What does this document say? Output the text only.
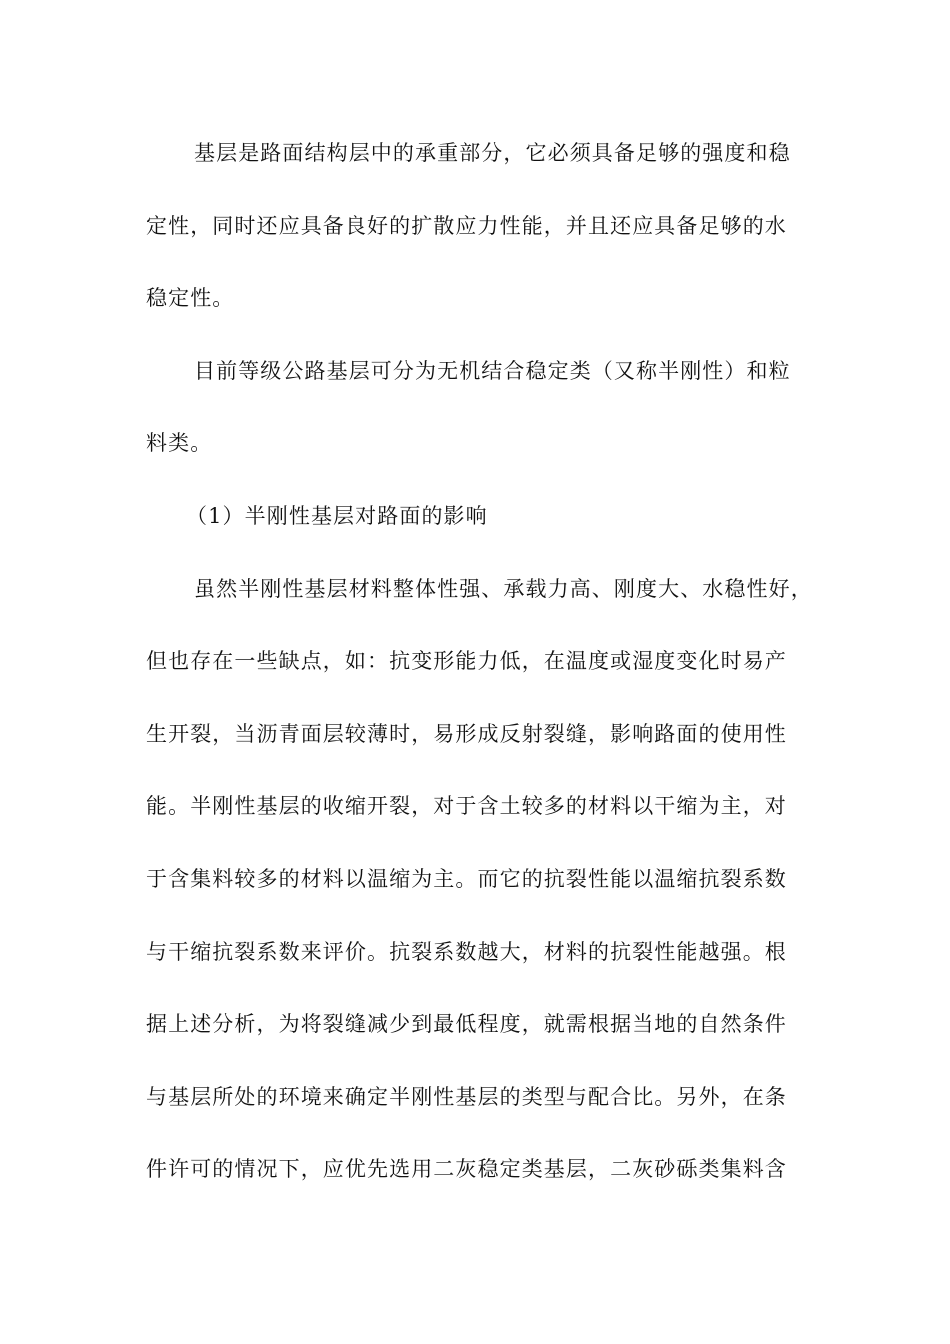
基层是路面结构层中的承重部分，它必须具备足够的强度和稳
定性，同时还应具备良好的扩散应力性能，并且还应具备足够的水
稳定性。
目前等级公路基层可分为无机结合稳定类（又称半刚性）和粒
料类。
（1）半刚性基层对路面的影响
虽然半刚性基层材料整体性强、承载力高、刚度大、水稳性好，
但也存在一些缺点，如：抗变形能力低，在温度或湿度变化时易产
生开裂，当沥青面层较薄时，易形成反射裂缝，影响路面的使用性
能。半刚性基层的收缩开裂，对于含土较多的材料以干缩为主，对
于含集料较多的材料以温缩为主。而它的抗裂性能以温缩抗裂系数
与干缩抗裂系数来评价。抗裂系数越大，材料的抗裂性能越强。根
据上述分析，为将裂缝减少到最低程度，就需根据当地的自然条件
与基层所处的环境来确定半刚性基层的类型与配合比。另外，在条
件许可的情况下，应优先选用二灰稳定类基层，二灰砂砾类集料含
